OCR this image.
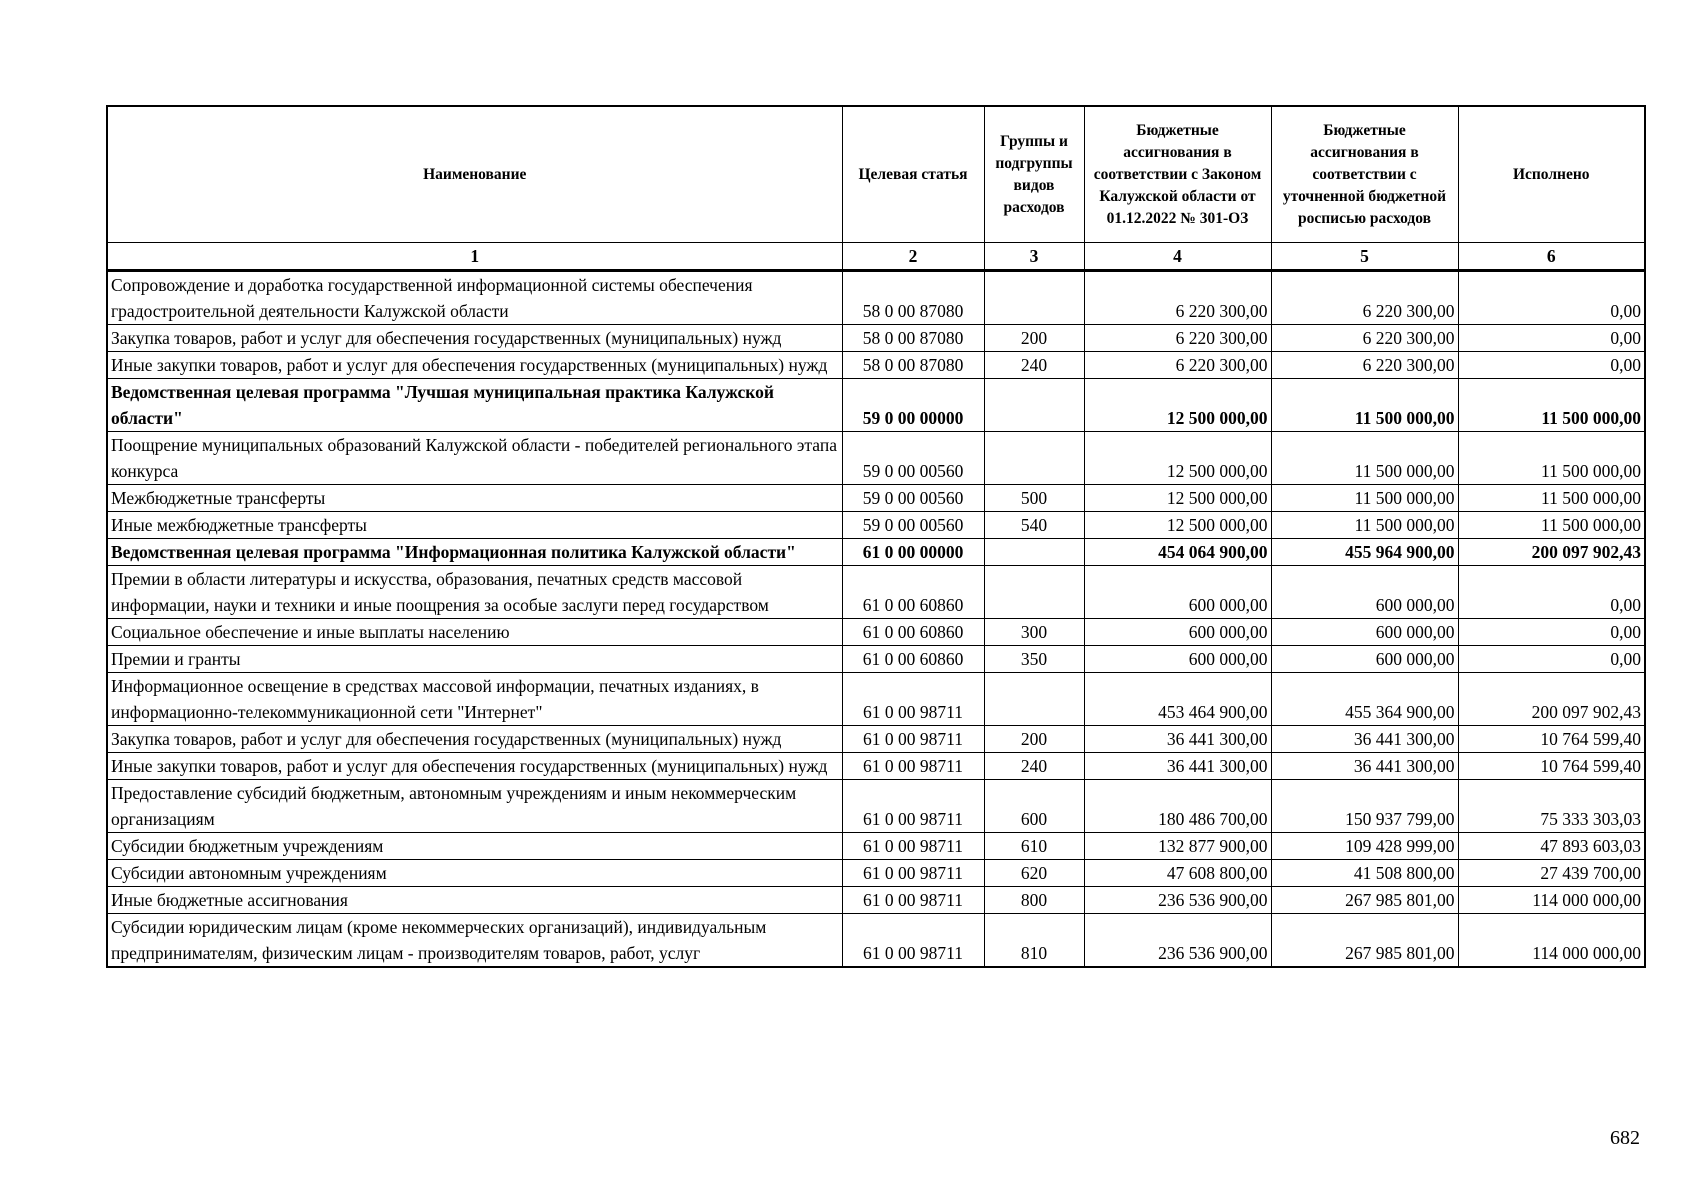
Наименование	Целевая статья	Группы и подгруппы видов расходов	Бюджетные ассигнования в соответствии с Законом Калужской области от 01.12.2022 № 301-ОЗ	Бюджетные ассигнования в соответствии с уточненной бюджетной росписью расходов	Исполнено
1	2	3	4	5	6
Сопровождение и доработка государственной информационной системы обеспечения градостроительной деятельности Калужской области	58 0 00 87080		6 220 300,00	6 220 300,00	0,00
Закупка товаров, работ и услуг для обеспечения государственных (муниципальных) нужд	58 0 00 87080	200	6 220 300,00	6 220 300,00	0,00
Иные закупки товаров, работ и услуг для обеспечения государственных (муниципальных) нужд	58 0 00 87080	240	6 220 300,00	6 220 300,00	0,00
Ведомственная целевая программа "Лучшая муниципальная практика Калужской области"	59 0 00 00000		12 500 000,00	11 500 000,00	11 500 000,00
Поощрение муниципальных образований Калужской области - победителей регионального этапа конкурса	59 0 00 00560		12 500 000,00	11 500 000,00	11 500 000,00
Межбюджетные трансферты	59 0 00 00560	500	12 500 000,00	11 500 000,00	11 500 000,00
Иные межбюджетные трансферты	59 0 00 00560	540	12 500 000,00	11 500 000,00	11 500 000,00
Ведомственная целевая программа "Информационная политика Калужской области"	61 0 00 00000		454 064 900,00	455 964 900,00	200 097 902,43
Премии в области литературы и искусства, образования, печатных средств массовой информации, науки и техники и иные поощрения за особые заслуги перед государством	61 0 00 60860		600 000,00	600 000,00	0,00
Социальное обеспечение и иные выплаты населению	61 0 00 60860	300	600 000,00	600 000,00	0,00
Премии и гранты	61 0 00 60860	350	600 000,00	600 000,00	0,00
Информационное освещение в средствах массовой информации, печатных изданиях, в информационно-телекоммуникационной сети "Интернет"	61 0 00 98711		453 464 900,00	455 364 900,00	200 097 902,43
Закупка товаров, работ и услуг для обеспечения государственных (муниципальных) нужд	61 0 00 98711	200	36 441 300,00	36 441 300,00	10 764 599,40
Иные закупки товаров, работ и услуг для обеспечения государственных (муниципальных) нужд	61 0 00 98711	240	36 441 300,00	36 441 300,00	10 764 599,40
Предоставление субсидий бюджетным, автономным учреждениям и иным некоммерческим организациям	61 0 00 98711	600	180 486 700,00	150 937 799,00	75 333 303,03
Субсидии бюджетным учреждениям	61 0 00 98711	610	132 877 900,00	109 428 999,00	47 893 603,03
Субсидии автономным учреждениям	61 0 00 98711	620	47 608 800,00	41 508 800,00	27 439 700,00
Иные бюджетные ассигнования	61 0 00 98711	800	236 536 900,00	267 985 801,00	114 000 000,00
Субсидии юридическим лицам (кроме некоммерческих организаций), индивидуальным предпринимателям, физическим лицам - производителям товаров, работ, услуг	61 0 00 98711	810	236 536 900,00	267 985 801,00	114 000 000,00
682
